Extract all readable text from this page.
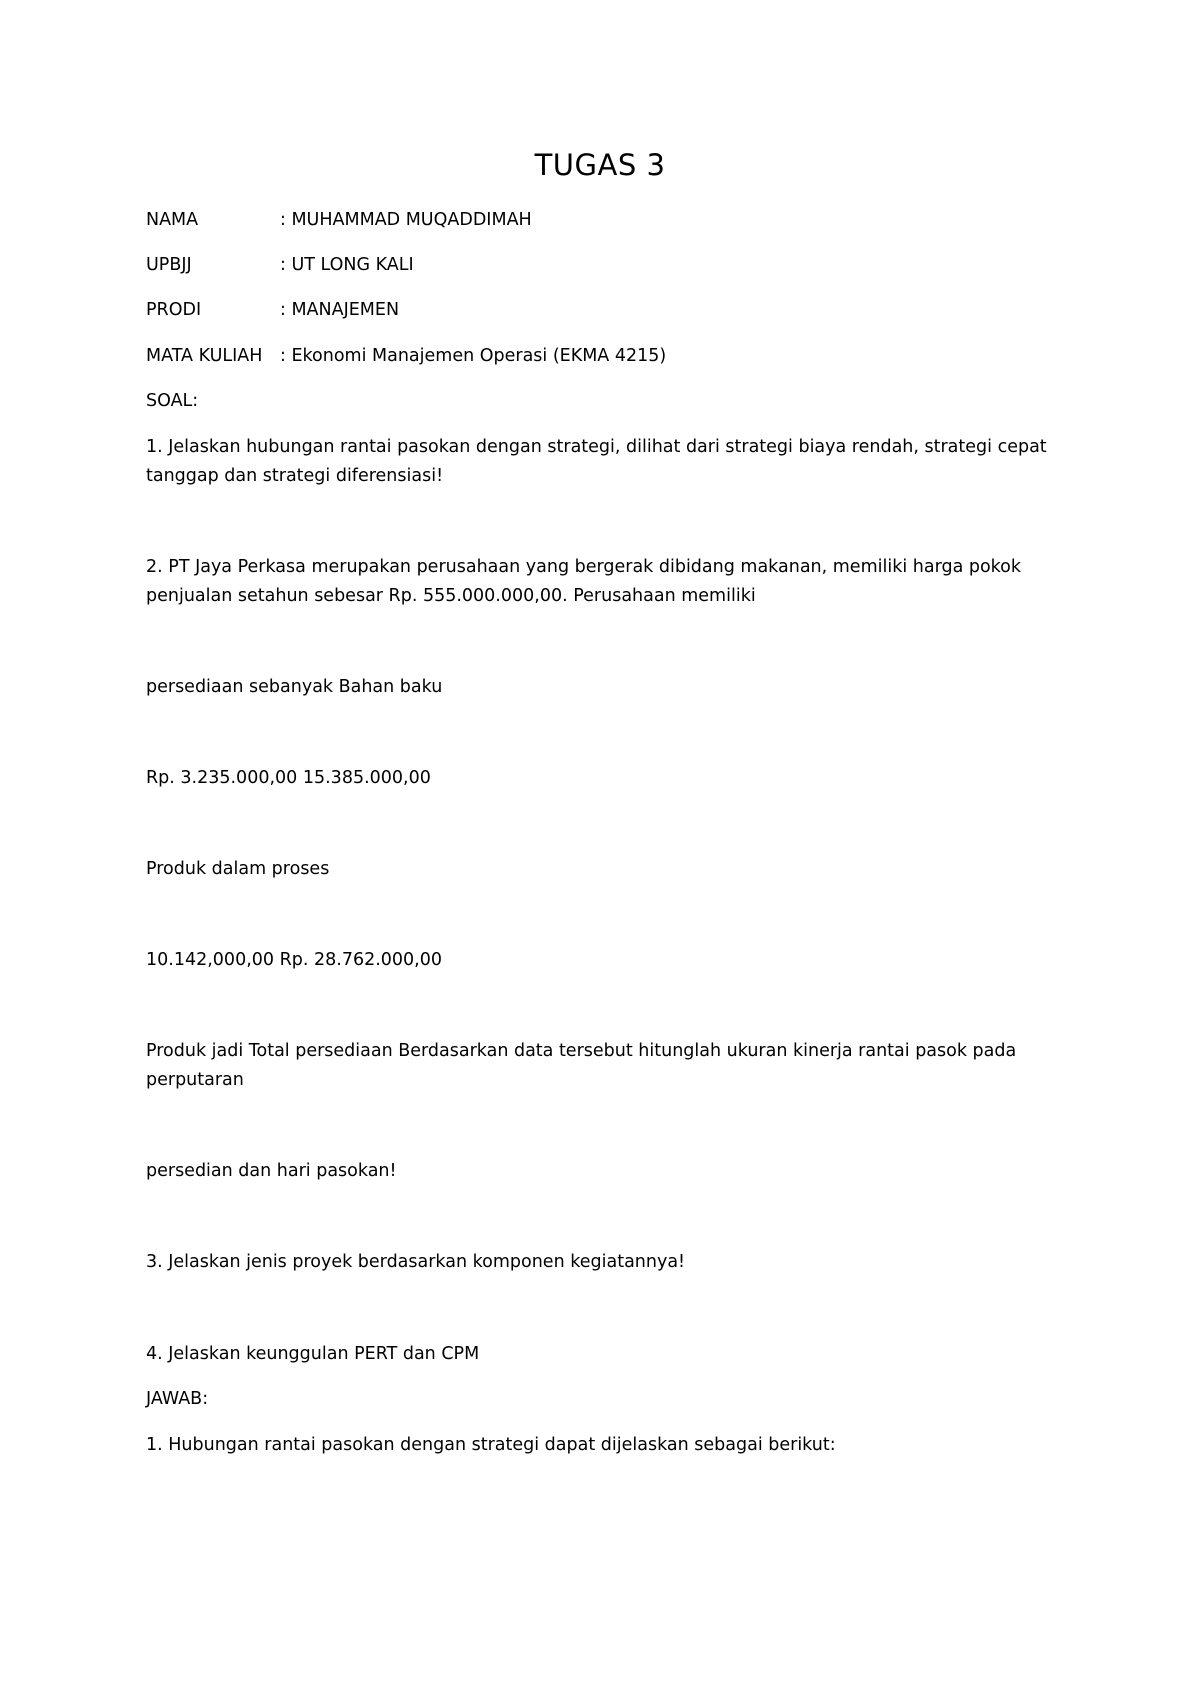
TUGAS 3
NAMA	: MUHAMMAD MUQADDIMAH
UPBJJ	: UT LONG KALI
PRODI	: MANAJEMEN
MATA KULIAH : Ekonomi Manajemen Operasi (EKMA 4215)
SOAL:
1. Jelaskan hubungan rantai pasokan dengan strategi, dilihat dari strategi biaya rendah, strategi cepat tanggap dan strategi diferensiasi!
2. PT Jaya Perkasa merupakan perusahaan yang bergerak dibidang makanan, memiliki harga pokok penjualan setahun sebesar Rp. 555.000.000,00. Perusahaan memiliki
persediaan sebanyak Bahan baku
Rp. 3.235.000,00 15.385.000,00
Produk dalam proses
10.142,000,00 Rp. 28.762.000,00
Produk jadi Total persediaan Berdasarkan data tersebut hitunglah ukuran kinerja rantai pasok pada perputaran
persedian dan hari pasokan!
3. Jelaskan jenis proyek berdasarkan komponen kegiatannya!
4. Jelaskan keunggulan PERT dan CPM
JAWAB:
1. Hubungan rantai pasokan dengan strategi dapat dijelaskan sebagai berikut:
